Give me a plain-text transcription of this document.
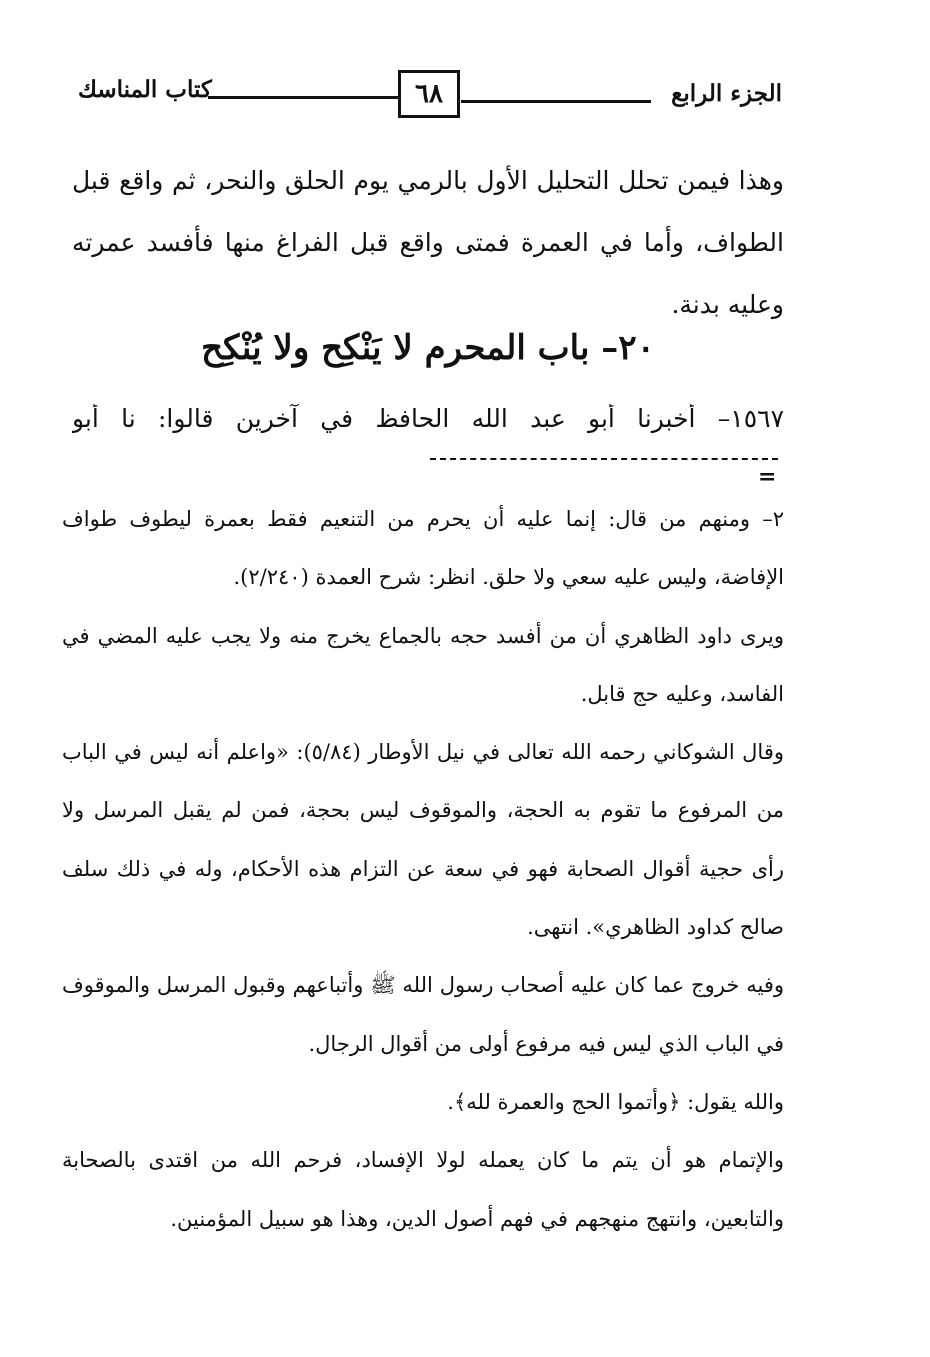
الجزء الرابع
٦٨
كتاب المناسك

وهذا فيمن تحلل التحليل الأول بالرمي يوم الحلق والنحر، ثم واقع قبل الطواف، وأما في العمرة فمتى واقع قبل الفراغ منها فأفسد عمرته وعليه بدنة.

٢٠– باب المحرم لا يَنْكِح ولا يُنْكِح
١٥٦٧– أخبرنا أبو عبد الله الحافظ في آخرين قالوا: نا أبو
=

٢– ومنهم من قال: إنما عليه أن يحرم من التنعيم فقط بعمرة ليطوف طواف الإفاضة، وليس عليه سعي ولا حلق. انظر: شرح العمدة (٢/٢٤٠).

ويرى داود الظاهري أن من أفسد حجه بالجماع يخرج منه ولا يجب عليه المضي في الفاسد، وعليه حج قابل.

وقال الشوكاني رحمه الله تعالى في نيل الأوطار (٥/٨٤): «واعلم أنه ليس في الباب من المرفوع ما تقوم به الحجة، والموقوف ليس بحجة، فمن لم يقبل المرسل ولا رأى حجية أقوال الصحابة فهو في سعة عن التزام هذه الأحكام، وله في ذلك سلف صالح كداود الظاهري». انتهى.

وفيه خروج عما كان عليه أصحاب رسول الله ﷺ وأتباعهم وقبول المرسل والموقوف في الباب الذي ليس فيه مرفوع أولى من أقوال الرجال.

والله يقول: ﴿وأتموا الحج والعمرة لله﴾.

والإتمام هو أن يتم ما كان يعمله لولا الإفساد، فرحم الله من اقتدى بالصحابة والتابعين، وانتهج منهجهم في فهم أصول الدين، وهذا هو سبيل المؤمنين.
